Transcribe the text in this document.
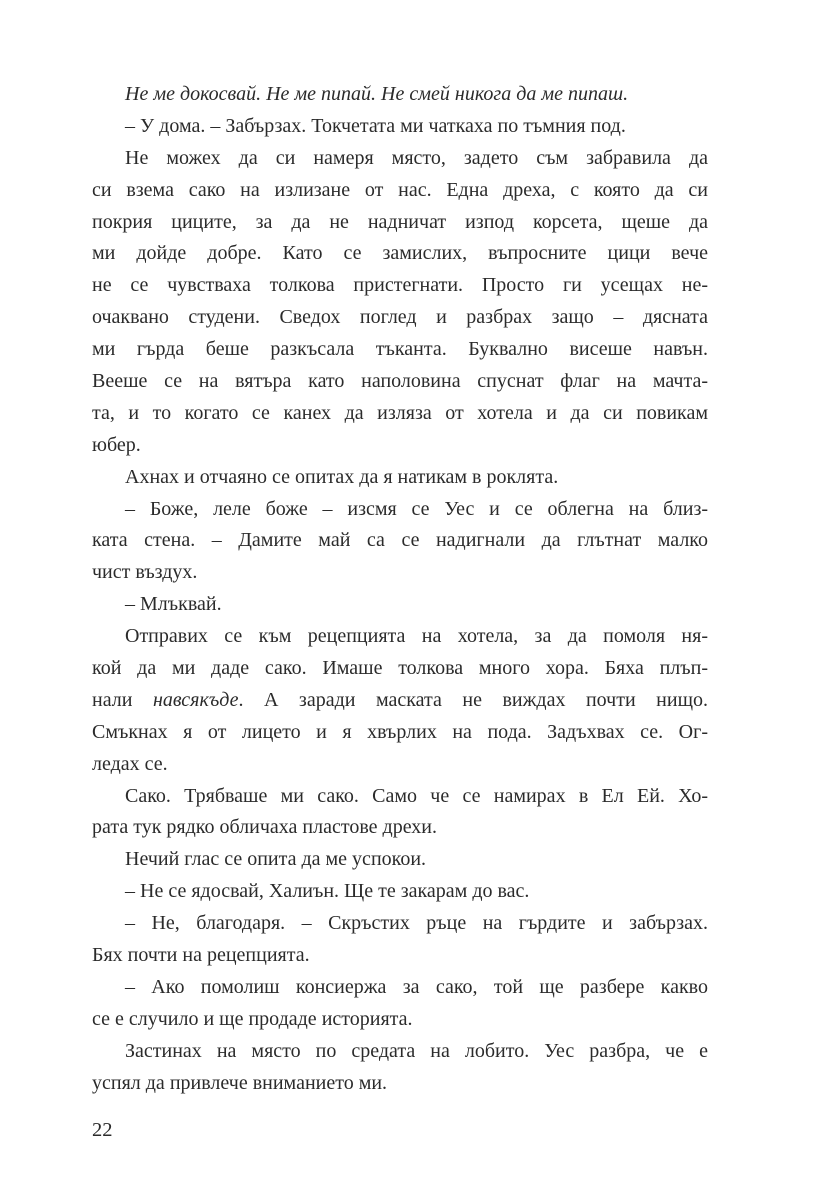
Не ме докосвай. Не ме пипай. Не смей никога да ме пипаш.
– У дома. – Забързах. Токчетата ми чаткаха по тъмния под.
Не можех да си намеря място, задето съм забравила да
си взема сако на излизане от нас. Една дреха, с която да си
покрия циците, за да не надничат изпод корсета, щеше да
ми дойде добре. Като се замислих, въпросните цици вече
не се чувстваха толкова пристегнати. Просто ги усещах не-
очаквано студени. Сведох поглед и разбрах защо – дясната
ми гърда беше разкъсала тъканта. Буквално висеше навън.
Вееше се на вятъра като наполовина спуснат флаг на мачта-
та, и то когато се канех да изляза от хотела и да си повикам
юбер.
Ахнах и отчаяно се опитах да я натикам в роклята.
– Боже, леле боже – изсмя се Уес и се облегна на близ-
ката стена. – Дамите май са се надигнали да глътнат малко
чист въздух.
– Млъквай.
Отправих се към рецепцията на хотела, за да помоля ня-
кой да ми даде сако. Имаше толкова много хора. Бяха плъп-
нали навсякъде. А заради маската не виждах почти нищо.
Смъкнах я от лицето и я хвърлих на пода. Задъхвах се. Ог-
ледах се.
Сако. Трябваше ми сако. Само че се намирах в Ел Ей. Хо-
рата тук рядко обличаха пластове дрехи.
Нечий глас се опита да ме успокои.
– Не се ядосвай, Халиън. Ще те закарам до вас.
– Не, благодаря. – Скръстих ръце на гърдите и забързах.
Бях почти на рецепцията.
– Ако помолиш консиержа за сако, той ще разбере какво
се е случило и ще продаде историята.
Застинах на място по средата на лобито. Уес разбра, че е
успял да привлече вниманието ми.
22
